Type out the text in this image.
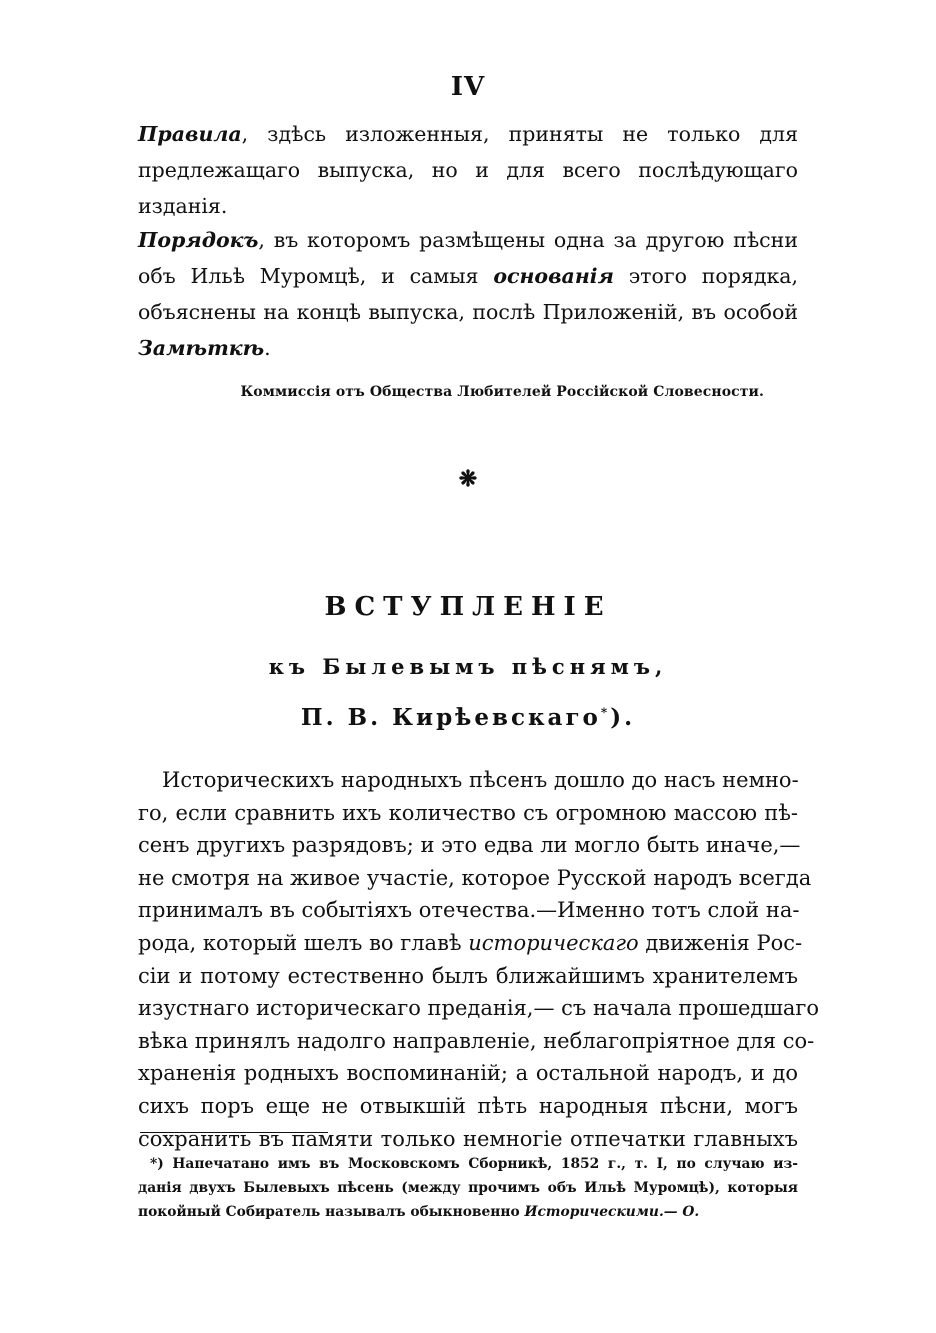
IV
Правила, здѣсь изложенныя, приняты не только для предлежащаго выпуска, но и для всего послѣдующаго изданія.
Порядокъ, въ которомъ размѣщены одна за другою пѣсни объ Ильѣ Муромцѣ, и самыя основанія этого порядка, объяснены на концѣ выпуска, послѣ Приложеній, въ особой Замѣткѣ.
Коммиссія отъ Общества Любителей Россійской Словесности.
❋
ВСТУПЛЕНІЕ
къ Былевымъ пѣснямъ,
П. В. Кирѣевскаго*).
Историческихъ народныхъ пѣсенъ дошло до насъ немно-
го, если сравнить ихъ количество съ огромною массою пѣ-
сенъ другихъ разрядовъ; и это едва ли могло быть иначе,—
не смотря на живое участіе, которое Русской народъ всегда
принималъ въ событіяхъ отечества.—Именно тотъ слой на-
рода, который шелъ во главѣ историческаго движенія Рос-
сіи и потому естественно былъ ближайшимъ хранителемъ
изустнаго историческаго преданія,— съ начала прошедшаго
вѣка принялъ надолго направленіе, неблагопріятное для со-
храненія родныхъ воспоминаній; а остальной народъ, и до
сихъ поръ еще не отвыкшій пѣть народныя пѣсни, могъ
сохранить въ памяти только немногіе отпечатки главныхъ
*) Напечатано имъ въ Московскомъ Сборникѣ, 1852 г., т. I, по случаю из-
данія двухъ Былевыхъ пѣсень (между прочимъ объ Ильѣ Муромцѣ), которыя
покойный Собиратель называлъ обыкновенно Историческими.— О.
